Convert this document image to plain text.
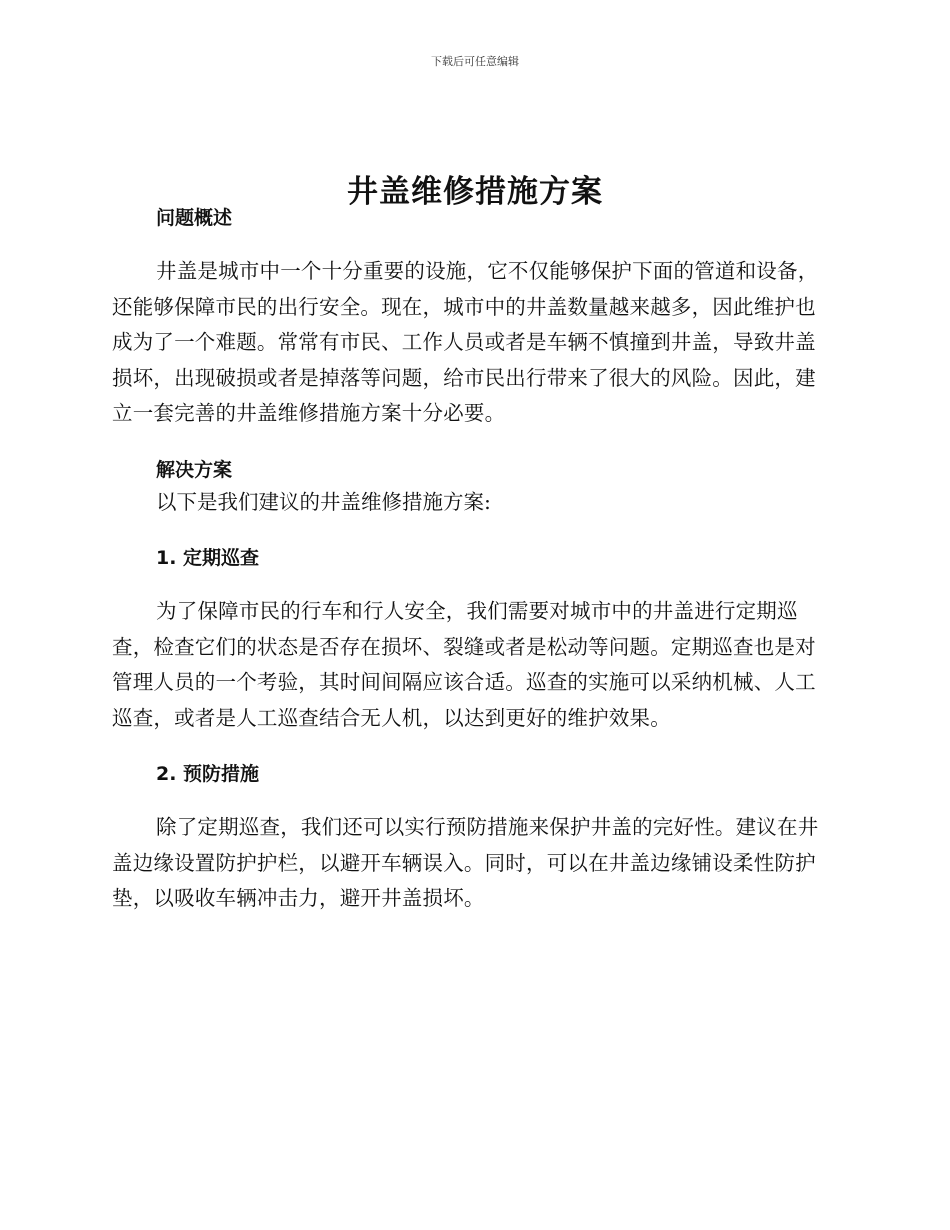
下载后可任意编辑
井盖维修措施方案
问题概述

井盖是城市中一个十分重要的设施，它不仅能够保护下面的管道和设备，还能够保障市民的出行安全。现在，城市中的井盖数量越来越多，因此维护也成为了一个难题。常常有市民、工作人员或者是车辆不慎撞到井盖，导致井盖损坏，出现破损或者是掉落等问题，给市民出行带来了很大的风险。因此，建立一套完善的井盖维修措施方案十分必要。

解决方案

以下是我们建议的井盖维修措施方案:

1. 定期巡查

为了保障市民的行车和行人安全，我们需要对城市中的井盖进行定期巡查，检查它们的状态是否存在损坏、裂缝或者是松动等问题。定期巡查也是对管理人员的一个考验，其时间间隔应该合适。巡查的实施可以采纳机械、人工巡查，或者是人工巡查结合无人机，以达到更好的维护效果。

2. 预防措施

除了定期巡查，我们还可以实行预防措施来保护井盖的完好性。建议在井盖边缘设置防护护栏，以避开车辆误入。同时，可以在井盖边缘铺设柔性防护垫，以吸收车辆冲击力，避开井盖损坏。
